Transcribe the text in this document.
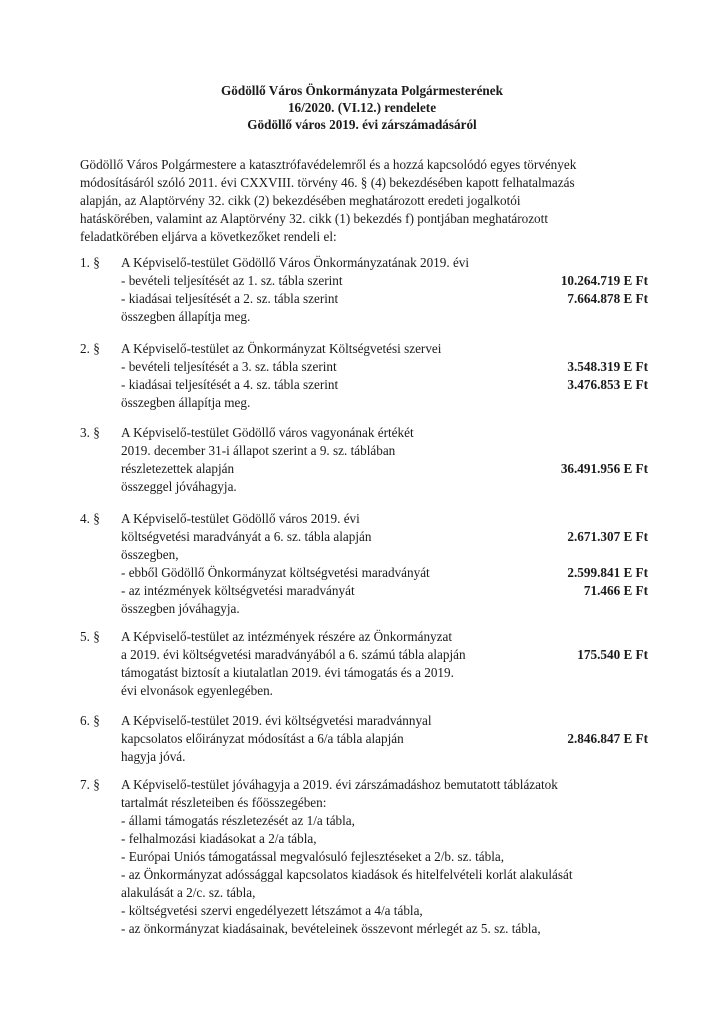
Gödöllő Város Önkormányzata Polgármesterének
16/2020. (VI.12.) rendelete
Gödöllő város 2019. évi zárszámadásáról
Gödöllő Város Polgármestere a katasztrófavédelemről és a hozzá kapcsolódó egyes törvények
módosításáról szóló 2011. évi CXXVIII. törvény 46. § (4) bekezdésében kapott felhatalmazás
alapján, az Alaptörvény 32. cikk (2) bekezdésében meghatározott eredeti jogalkotói
hatáskörében, valamint az Alaptörvény 32. cikk (1) bekezdés f) pontjában meghatározott
feladatkörében eljárva a következőket rendeli el:
1. §	A Képviselő-testület Gödöllő Város Önkormányzatának 2019. évi
- bevételi teljesítését az 1. sz. tábla szerint	10.264.719 E Ft
- kiadásai teljesítését a 2. sz. tábla szerint	7.664.878 E Ft
összegben állapítja meg.
2. §	A Képviselő-testület az Önkormányzat Költségvetési szervei
- bevételi teljesítését a 3. sz. tábla szerint	3.548.319 E Ft
- kiadásai teljesítését a 4. sz. tábla szerint	3.476.853 E Ft
összegben állapítja meg.
3. §	A Képviselő-testület Gödöllő város vagyonának értékét
2019. december 31-i állapot szerint a 9. sz. táblában
részletezettek alapján	36.491.956 E Ft
összeggel jóváhagyja.
4. §	A Képviselő-testület Gödöllő város 2019. évi
költségvetési maradványát a 6. sz. tábla alapján	2.671.307 E Ft
összegben,
- ebből Gödöllő Önkormányzat költségvetési maradványát	2.599.841 E Ft
- az intézmények költségvetési maradványát	71.466 E Ft
összegben jóváhagyja.
5. §	A Képviselő-testület az intézmények részére az Önkormányzat
a 2019. évi költségvetési maradványából a 6. számú tábla alapján	175.540 E Ft
támogatást biztosít a kiutalatlan 2019. évi támogatás és a 2019.
évi elvonások egyenlegében.
6. §	A Képviselő-testület 2019. évi költségvetési maradvánnyal
kapcsolatos előirányzat módosítást a 6/a tábla alapján	2.846.847 E Ft
hagyja jóvá.
7. §	A Képviselő-testület jóváhagyja a 2019. évi zárszámadáshoz bemutatott táblázatok
tartalmát részleteiben és főösszegében:
- állami támogatás részletezését az 1/a tábla,
- felhalmozási kiadásokat a 2/a tábla,
- Európai Uniós támogatással megvalósuló fejlesztéseket a 2/b. sz. tábla,
- az Önkormányzat adóssággal kapcsolatos kiadások és hitelfelvételi korlát alakulását
alakulását a 2/c. sz. tábla,
- költségvetési szervi engedélyezett létszámot a 4/a tábla,
- az önkormányzat kiadásainak, bevételeinek összevont mérlegét az 5. sz. tábla,
